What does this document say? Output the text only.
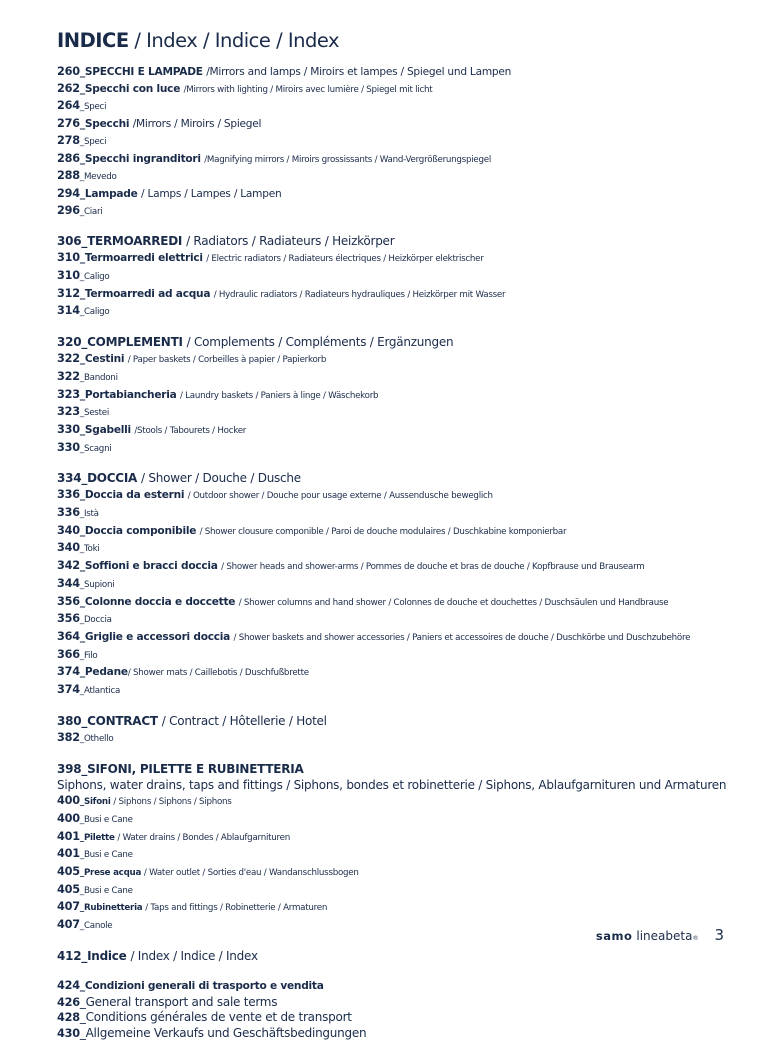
INDICE / Index / Indice / Index
260_SPECCHI E LAMPADE /Mirrors and lamps / Miroirs et lampes / Spiegel und Lampen
262_Specchi con luce /Mirrors with lighting / Miroirs avec lumière / Spiegel mit licht
264_Speci
276_Specchi /Mirrors / Miroirs / Spiegel
278_Speci
286_Specchi ingranditori /Magnifying mirrors / Miroirs grossissants / Wand-Vergrößerungspiegel
288_Mevedo
294_Lampade / Lamps / Lampes / Lampen
296_Ciari
306_TERMOARREDI / Radiators / Radiateurs / Heizkörper
310_Termoarredi elettrici / Electric radiators / Radiateurs électriques / Heizkörper elektrischer
310_Caligo
312_Termoarredi ad acqua / Hydraulic radiators / Radiateurs hydrauliques / Heizkörper mit Wasser
314_Caligo
320_COMPLEMENTI / Complements / Compléments / Ergänzungen
322_Cestini / Paper baskets / Corbeilles à papier / Papierkorb
322_Bandoni
323_Portabiancheria / Laundry baskets / Paniers à linge / Wäschekorb
323_Sestei
330_Sgabelli /Stools / Tabourets / Hocker
330_Scagni
334_DOCCIA / Shower / Douche / Dusche
336_Doccia da esterni / Outdoor shower / Douche pour usage externe / Aussendusche beweglich
336_Istà
340_Doccia componibile / Shower clousure componible / Paroi de douche modulaires / Duschkabine komponierbar
340_Toki
342_Soffioni e bracci doccia / Shower heads and shower-arms / Pommes de douche et bras de douche / Kopfbrause und Brausearm
344_Supioni
356_Colonne doccia e doccette / Shower columns and hand shower / Colonnes de douche et douchettes / Duschsäulen und Handbrause
356_Doccia
364_Griglie e accessori doccia / Shower baskets and shower accessories / Paniers et accessoires de douche / Duschkörbe und Duschzubehöre
366_Filo
374_Pedane/ Shower mats / Caillebotis / Duschfußbrette
374_Atlantica
380_CONTRACT / Contract / Hôtellerie / Hotel
382_Othello
398_SIFONI, PILETTE E RUBINETTERIA
Siphons, water drains, taps and fittings / Siphons, bondes et robinetterie / Siphons, Ablaufgarnituren und Armaturen
400_Sifoni / Siphons / Siphons / Siphons
400_Busi e Cane
401_Pilette / Water drains / Bondes / Ablaufgarnituren
401_Busi e Cane
405_Prese acqua / Water outlet / Sorties d'eau / Wandanschlussbogen
405_Busi e Cane
407_Rubinetteria / Taps and fittings / Robinetterie / Armaturen
407_Canole
412_Indice / Index / Indice / Index
424_Condizioni generali di trasporto e vendita
426_General transport and sale terms
428_Conditions générales de vente et de transport
430_Allgemeine Verkaufs und Geschäftsbedingungen
samo lineabeta ® 3
